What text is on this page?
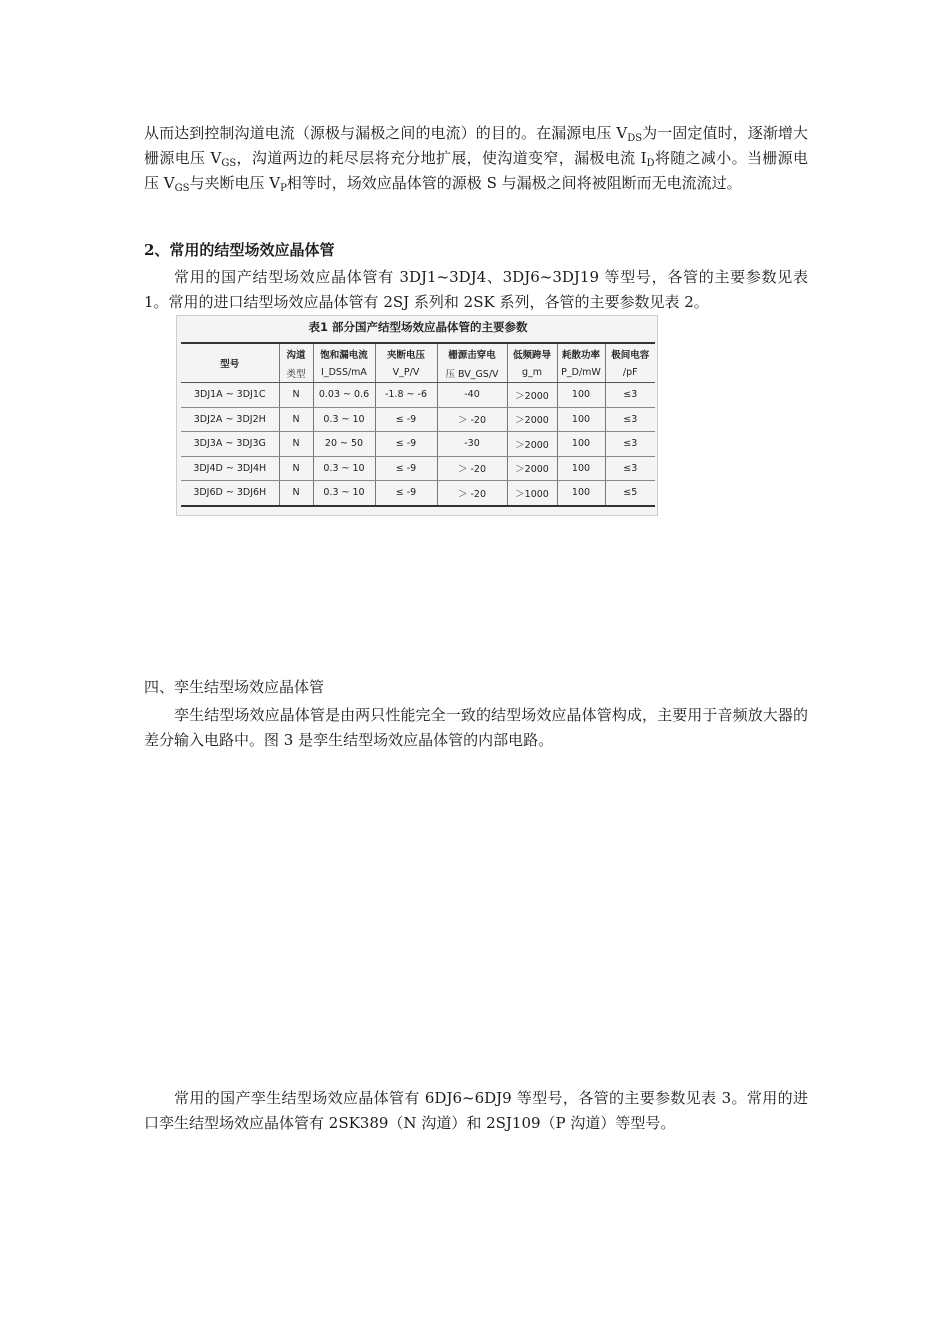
从而达到控制沟道电流（源极与漏极之间的电流）的目的。在漏源电压 $V_{DS}$为一固定值时，逐渐增大栅源电压 $V_{GS}$，沟道两边的耗尽层将充分地扩展，使沟道变窄，漏极电流 $I_D$将随之减小。当栅源电压 $V_{GS}$与夹断电压 $V_P$相等时，场效应晶体管的源极 S 与漏极之间将被阻断而无电流流过。

2、常用的结型场效应晶体管

常用的国产结型场效应晶体管有 3DJ1~3DJ4、3DJ6~3DJ19 等型号，各管的主要参数见表 1。常用的进口结型场效应晶体管有 2SJ 系列和 2SK 系列，各管的主要参数见表 2。

表1 部分国产结型场效应晶体管的主要参数
型号	沟道	饱和漏电流	夹断电压	栅源击穿电	低频跨导	耗散功率	极间电容
	类型	I_DSS/mA	V_P/V	压 BV_GS/V	g_m	P_D/mW	/pF
3DJ1A ~ 3DJ1C	N	0.03 ~ 0.6	-1.8 ~ -6	-40	＞2000	100	≤3
3DJ2A ~ 3DJ2H	N	0.3 ~ 10	≤ -9	＞ -20	＞2000	100	≤3
3DJ3A ~ 3DJ3G	N	20 ~ 50	≤ -9	-30	＞2000	100	≤3
3DJ4D ~ 3DJ4H	N	0.3 ~ 10	≤ -9	＞ -20	＞2000	100	≤3
3DJ6D ~ 3DJ6H	N	0.3 ~ 10	≤ -9	＞ -20	＞1000	100	≤5

四、孪生结型场效应晶体管

孪生结型场效应晶体管是由两只性能完全一致的结型场效应晶体管构成，主要用于音频放大器的差分输入电路中。图 3 是孪生结型场效应晶体管的内部电路。

常用的国产孪生结型场效应晶体管有 6DJ6~6DJ9 等型号，各管的主要参数见表 3。常用的进口孪生结型场效应晶体管有 2SK389（N 沟道）和 2SJ109（P 沟道）等型号。
